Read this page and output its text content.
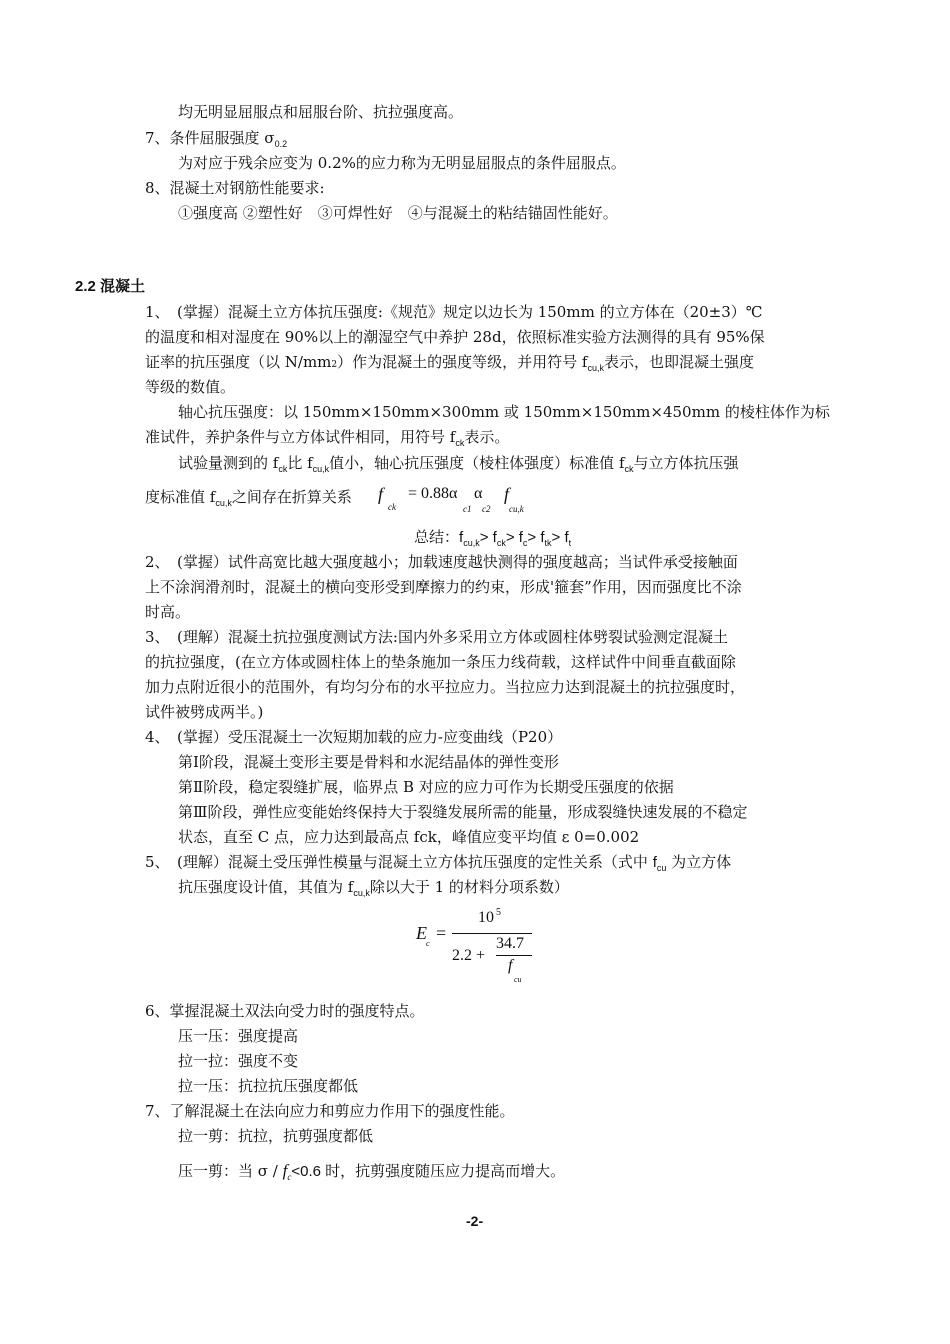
均无明显屈服点和屈服台阶、抗拉强度高。
7、条件屈服强度 $\sigma_{0.2}$
为对应于残余应变为 0.2%的应力称为无明显屈服点的条件屈服点。
8、混凝土对钢筋性能要求:
①强度高 ②塑性好　③可焊性好　④与混凝土的粘结锚固性能好。
2.2 混凝土
1、　(掌握）混凝土立方体抗压强度:《规范》规定以边长为 150mm 的立方体在（20±3）℃
的温度和相对湿度在 90%以上的潮湿空气中养护 28d，依照标准实验方法测得的具有 95%保
证率的抗压强度（以 N/mm2）作为混凝土的强度等级，并用符号 $f_{cu,k}$表示，也即混凝土强度
等级的数值。
轴心抗压强度：以 150mm×150mm×300mm 或 150mm×150mm×450mm 的棱柱体作为标
准试件，养护条件与立方体试件相同，用符号 $f_{ck}$表示。
试验量测到的 $f_{ck}$比 $f_{cu,k}$值小，轴心抗压强度（棱柱体强度）标准值 $f_{ck}$与立方体抗压强
度标准值 $f_{cu,k}$之间存在折算关系 f
ck
= 0.88α
c1
α
c2
f
cu,k
总结：$f_{cu,k}> f_{ck}> f_c> f_{tk}> f_t$
2、　(掌握）试件高宽比越大强度越小；加载速度越快测得的强度越高；当试件承受接触面
上不涂润滑剂时，混凝土的横向变形受到摩擦力的约束，形成'箍套”作用，因而强度比不涂
时高。
3、　(理解）混凝土抗拉强度测试方法:国内外多采用立方体或圆柱体劈裂试验测定混凝土
的抗拉强度，(在立方体或圆柱体上的垫条施加一条压力线荷载，这样试件中间垂直截面除
加力点附近很小的范围外，有均匀分布的水平拉应力。当拉应力达到混凝土的抗拉强度时，
试件被劈成两半。)
4、　(掌握）受压混凝土一次短期加载的应力-应变曲线（P20）
第Ⅰ阶段，混凝土变形主要是骨料和水泥结晶体的弹性变形
第Ⅱ阶段，稳定裂缝扩展，临界点 B 对应的应力可作为长期受压强度的依据
第Ⅲ阶段，弹性应变能始终保持大于裂缝发展所需的能量，形成裂缝快速发展的不稳定
状态，直至 C 点，应力达到最高点 fck，峰值应变平均值 ε 0=0.002
5、　(理解）混凝土受压弹性模量与混凝土立方体抗压强度的定性关系（式中 $f_{cu}$ 为立方体
抗压强度设计值，其值为 $f_{cu,k}$除以大于 1 的材料分项系数）
E
c
=
10 5
2.2 +
34.7
f
cu
6、掌握混凝土双法向受力时的强度特点。
压一压：强度提高
拉一拉：强度不变
拉一压：抗拉抗压强度都低
7、了解混凝土在法向应力和剪应力作用下的强度性能。
拉一剪：抗拉，抗剪强度都低
压一剪：当 $\sigma / f_c<0.6$ 时，抗剪强度随压应力提高而增大。
-2-
